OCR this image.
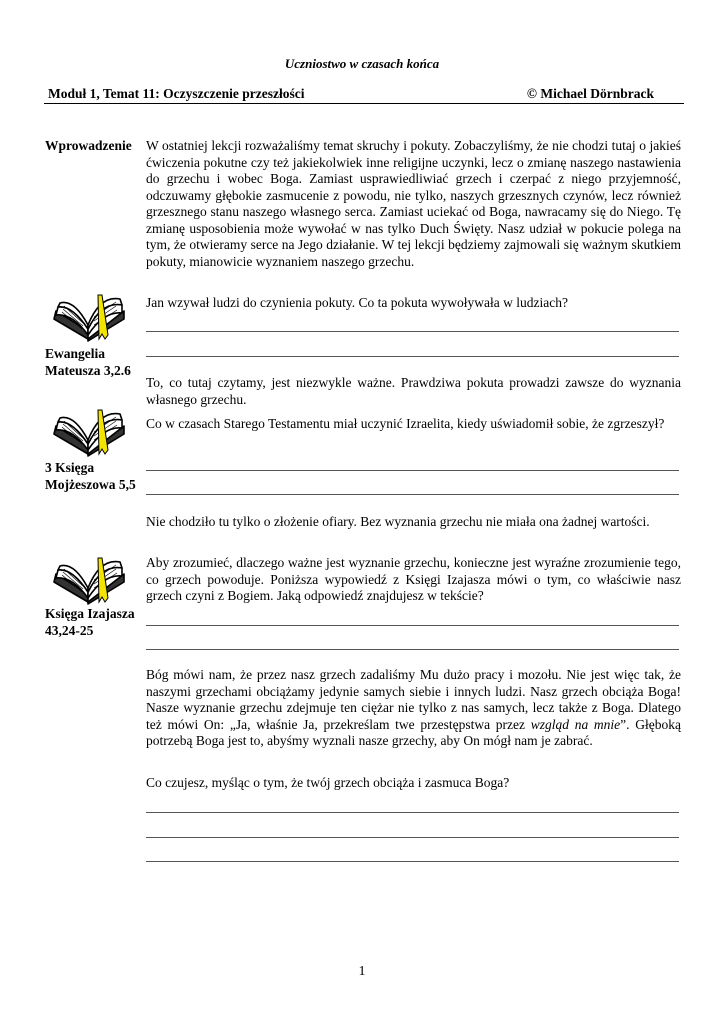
Uczniostwo w czasach końca
Moduł 1, Temat 11: Oczyszczenie przeszłości	© Michael Dörnbrack
Wprowadzenie W ostatniej lekcji rozważaliśmy temat skruchy i pokuty. Zobaczyliśmy, że nie chodzi tutaj o jakieś ćwiczenia pokutne czy też jakiekolwiek inne religijne uczynki, lecz o zmianę naszego nastawienia do grzechu i wobec Boga. Zamiast usprawiedliwiać grzech i czerpać z niego przyjemność, odczuwamy głębokie zasmucenie z powodu, nie tylko, naszych grzesznych czynów, lecz również grzesznego stanu naszego własnego serca. Zamiast uciekać od Boga, nawracamy się do Niego. Tę zmianę usposobienia może wywołać w nas tylko Duch Święty. Nasz udział w pokucie polega na tym, że otwieramy serce na Jego działanie. W tej lekcji będziemy zajmowali się ważnym skutkiem pokuty, mianowicie wyznaniem naszego grzechu.
Jan wzywał ludzi do czynienia pokuty. Co ta pokuta wywoływała w ludziach?
Ewangelia
Mateusza 3,2.6
To, co tutaj czytamy, jest niezwykle ważne. Prawdziwa pokuta prowadzi zawsze do wyznania własnego grzechu.
Co w czasach Starego Testamentu miał uczynić Izraelita, kiedy uświadomił sobie, że zgrzeszył?
3 Księga
Mojżeszowa 5,5
Nie chodziło tu tylko o złożenie ofiary. Bez wyznania grzechu nie miała ona żadnej wartości.
Aby zrozumieć, dlaczego ważne jest wyznanie grzechu, konieczne jest wyraźne zrozumienie tego, co grzech powoduje. Poniższa wypowiedź z Księgi Izajasza mówi o tym, co właściwie nasz grzech czyni z Bogiem. Jaką odpowiedź znajdujesz w tekście?
Księga Izajasza
43,24-25
Bóg mówi nam, że przez nasz grzech zadaliśmy Mu dużo pracy i mozołu. Nie jest więc tak, że naszymi grzechami obciążamy jedynie samych siebie i innych ludzi. Nasz grzech obciąża Boga! Nasze wyznanie grzechu zdejmuje ten ciężar nie tylko z nas samych, lecz także z Boga. Dlatego też mówi On: „Ja, właśnie Ja, przekreślam twe przestępstwa przez wzgląd na mnie”. Głęboką potrzebą Boga jest to, abyśmy wyznali nasze grzechy, aby On mógł nam je zabrać.
Co czujesz, myśląc o tym, że twój grzech obciąża i zasmuca Boga?
1
